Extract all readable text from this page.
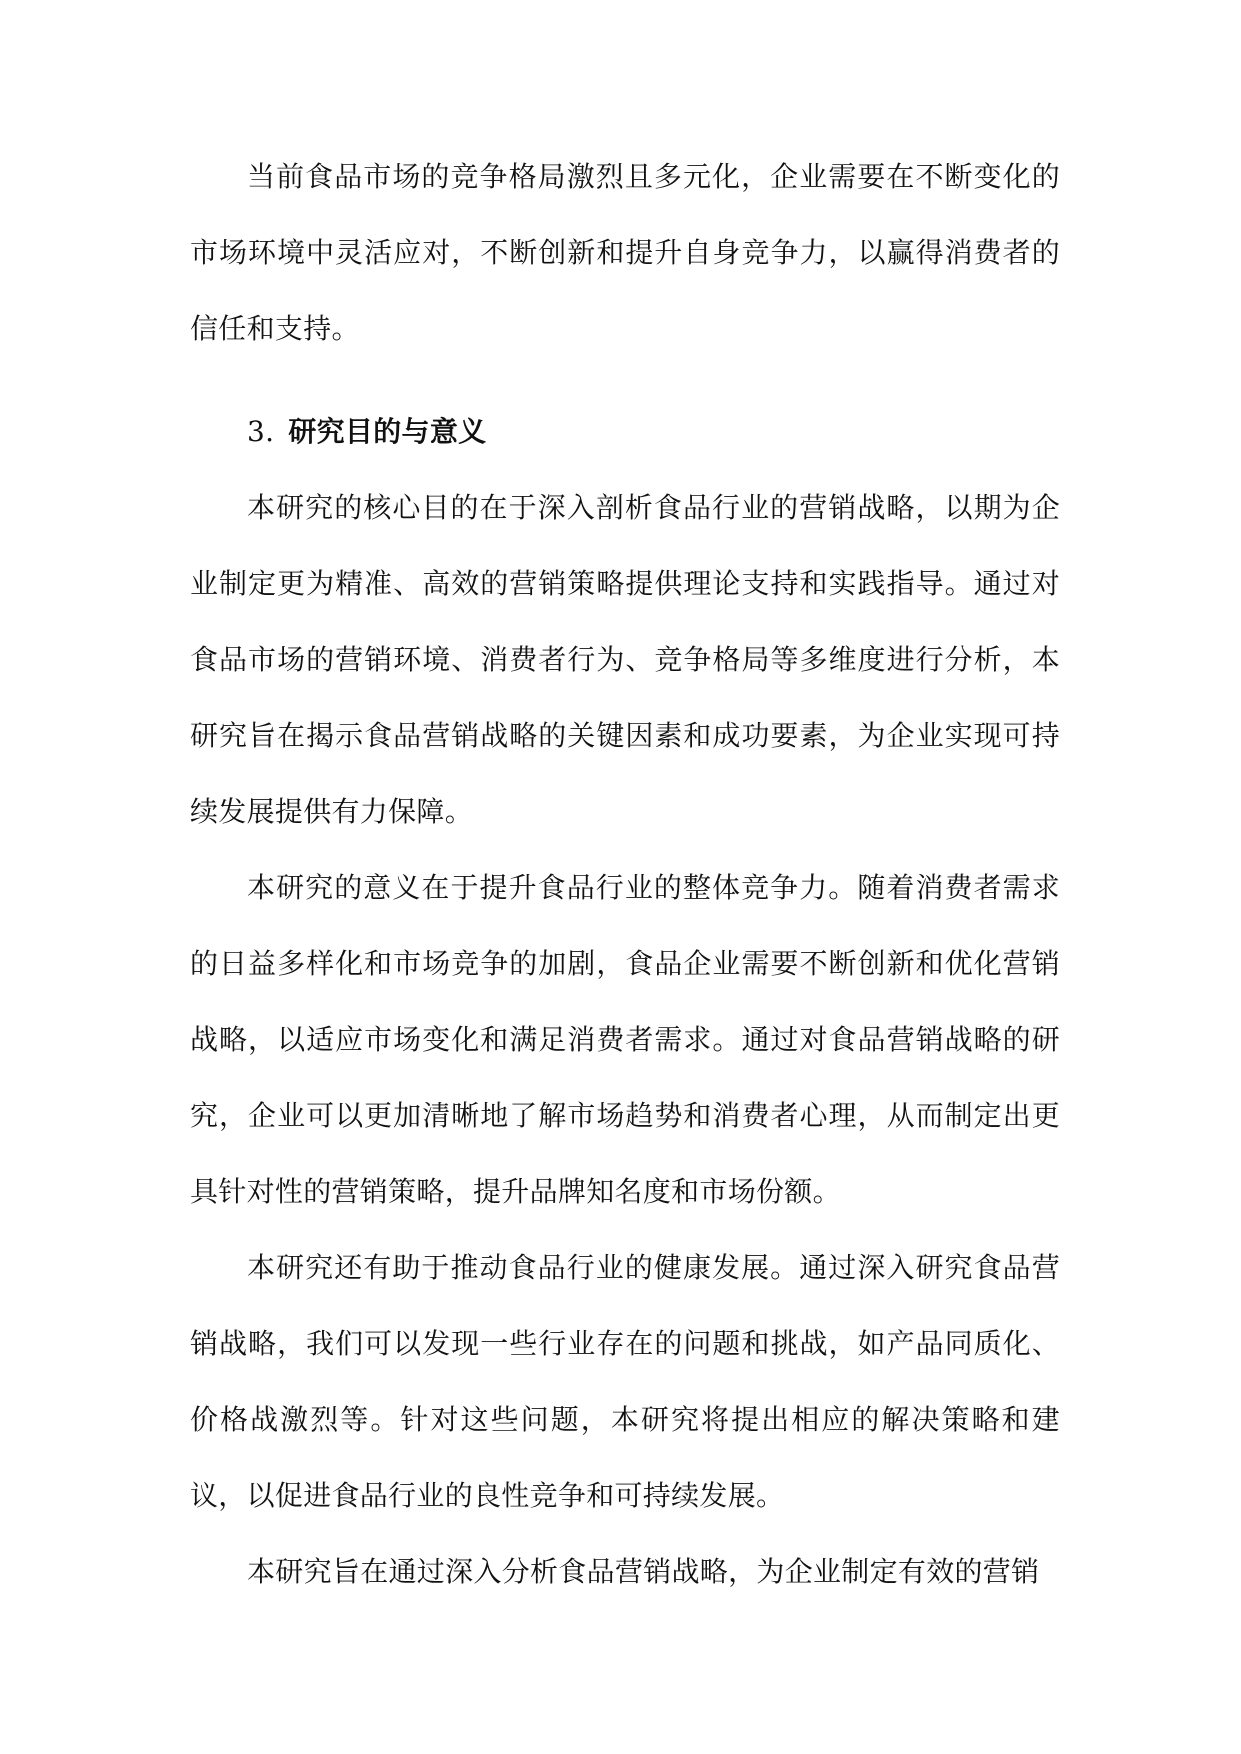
当前食品市场的竞争格局激烈且多元化，企业需要在不断变化的市场环境中灵活应对，不断创新和提升自身竞争力，以赢得消费者的信任和支持。

3. 研究目的与意义

本研究的核心目的在于深入剖析食品行业的营销战略，以期为企业制定更为精准、高效的营销策略提供理论支持和实践指导。通过对食品市场的营销环境、消费者行为、竞争格局等多维度进行分析，本研究旨在揭示食品营销战略的关键因素和成功要素，为企业实现可持续发展提供有力保障。

本研究的意义在于提升食品行业的整体竞争力。随着消费者需求的日益多样化和市场竞争的加剧，食品企业需要不断创新和优化营销战略，以适应市场变化和满足消费者需求。通过对食品营销战略的研究，企业可以更加清晰地了解市场趋势和消费者心理，从而制定出更具针对性的营销策略，提升品牌知名度和市场份额。

本研究还有助于推动食品行业的健康发展。通过深入研究食品营销战略，我们可以发现一些行业存在的问题和挑战，如产品同质化、价格战激烈等。针对这些问题，本研究将提出相应的解决策略和建议，以促进食品行业的良性竞争和可持续发展。

本研究旨在通过深入分析食品营销战略，为企业制定有效的营销
